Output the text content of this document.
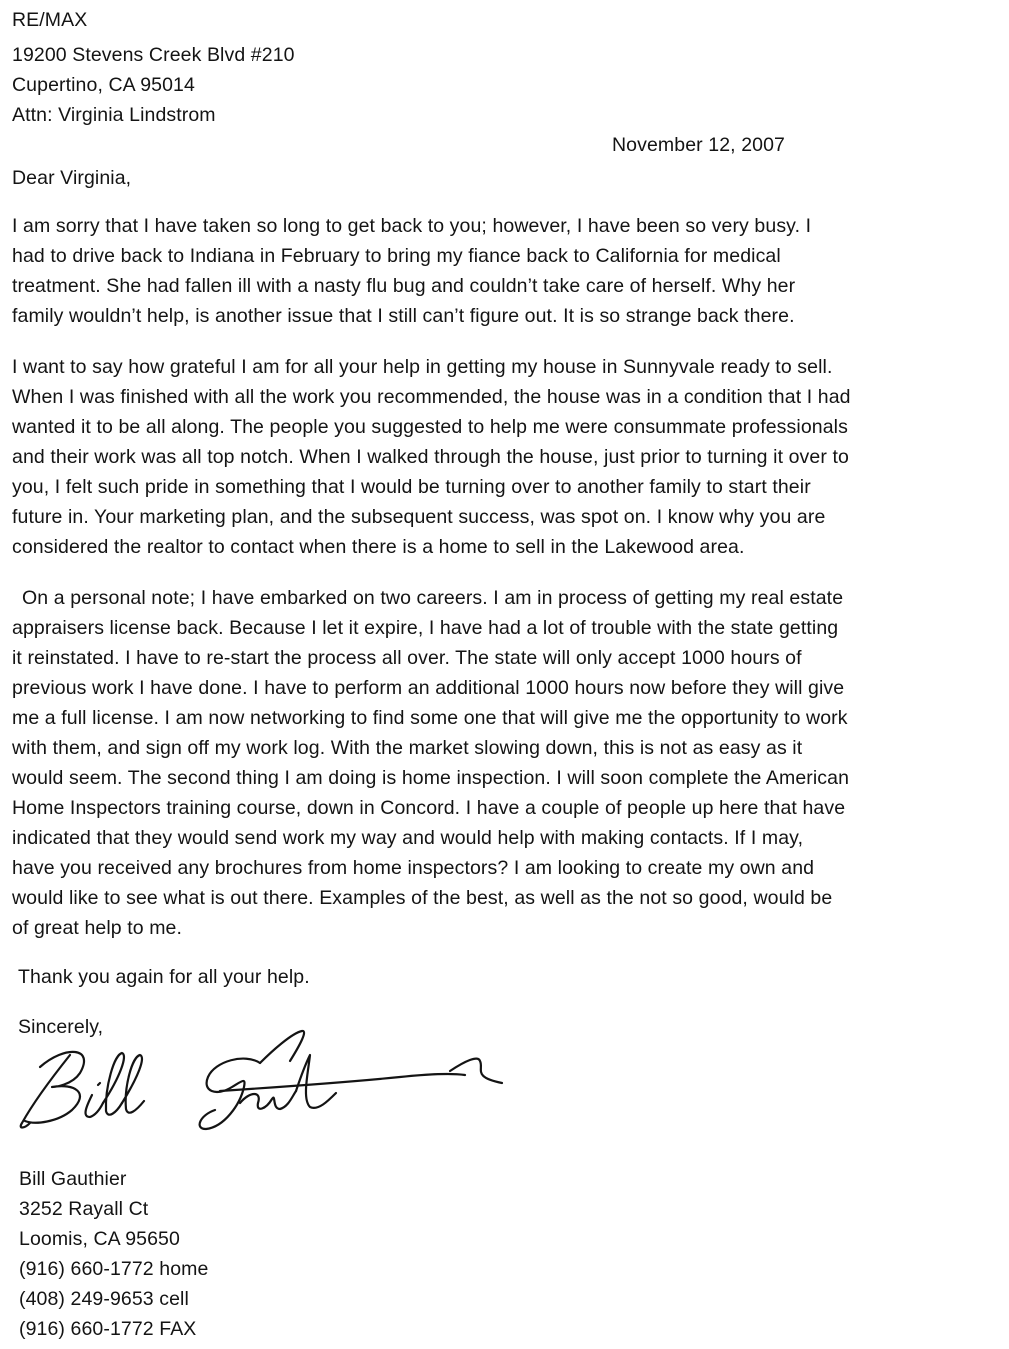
RE/MAX
19200 Stevens Creek Blvd #210
Cupertino, CA 95014
Attn: Virginia Lindstrom
November 12, 2007
Dear Virginia,
I am sorry that I have taken so long to get back to you; however, I have been so very busy. I
had to drive back to Indiana in February to bring my fiance back to California for medical
treatment. She had fallen ill with a nasty flu bug and couldn’t take care of herself. Why her
family wouldn’t help, is another issue that I still can’t figure out. It is so strange back there.
I want to say how grateful I am for all your help in getting my house in Sunnyvale ready to sell.
When I was finished with all the work you recommended, the house was in a condition that I had
wanted it to be all along. The people you suggested to help me were consummate professionals
and their work was all top notch. When I walked through the house, just prior to turning it over to
you, I felt such pride in something that I would be turning over to another family to start their
future in. Your marketing plan, and the subsequent success, was spot on. I know why you are
considered the realtor to contact when there is a home to sell in the Lakewood area.
On a personal note; I have embarked on two careers. I am in process of getting my real estate
appraisers license back. Because I let it expire, I have had a lot of trouble with the state getting
it reinstated. I have to re-start the process all over. The state will only accept 1000 hours of
previous work I have done. I have to perform an additional 1000 hours now before they will give
me a full license. I am now networking to find some one that will give me the opportunity to work
with them, and sign off my work log. With the market slowing down, this is not as easy as it
would seem. The second thing I am doing is home inspection. I will soon complete the American
Home Inspectors training course, down in Concord. I have a couple of people up here that have
indicated that they would send work my way and would help with making contacts. If I may,
have you received any brochures from home inspectors? I am looking to create my own and
would like to see what is out there. Examples of the best, as well as the not so good, would be
of great help to me.
Thank you again for all your help.
Sincerely,
Bill Gauthier
3252 Rayall Ct
Loomis, CA 95650
(916) 660-1772 home
(408) 249-9653 cell
(916) 660-1772 FAX
